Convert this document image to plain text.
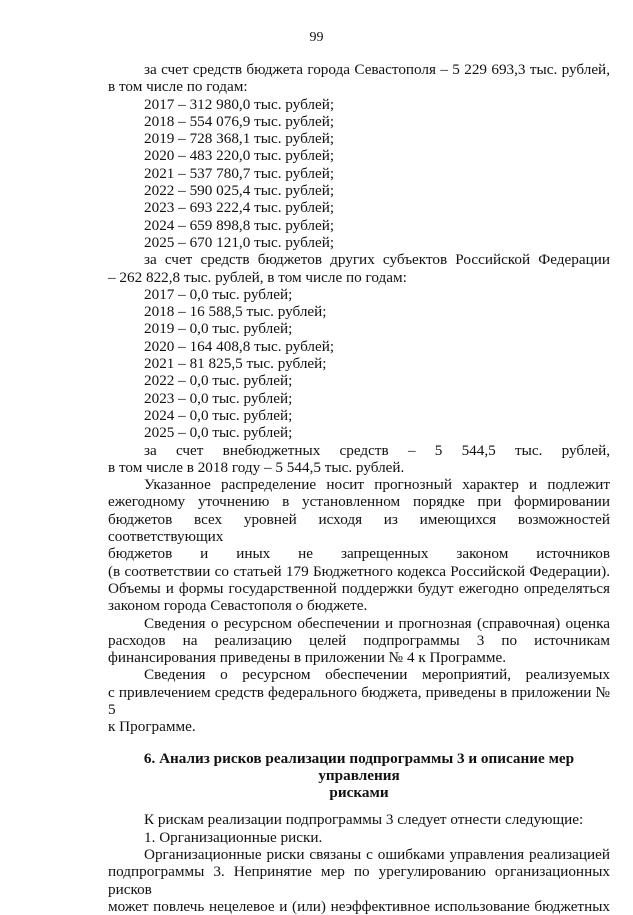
99

за счет средств бюджета города Севастополя – 5 229 693,3 тыс. рублей,

в том числе по годам:

2017 – 312 980,0 тыс. рублей;

2018 – 554 076,9 тыс. рублей;

2019 – 728 368,1 тыс. рублей;

2020 – 483 220,0 тыс. рублей;

2021 – 537 780,7 тыс. рублей;

2022 – 590 025,4 тыс. рублей;

2023 – 693 222,4 тыс. рублей;

2024 – 659 898,8 тыс. рублей;

2025 – 670 121,0 тыс. рублей;

за счет средств бюджетов других субъектов Российской Федерации

– 262 822,8 тыс. рублей, в том числе по годам:

2017 – 0,0 тыс. рублей;

2018 – 16 588,5 тыс. рублей;

2019 – 0,0 тыс. рублей;

2020 – 164 408,8 тыс. рублей;

2021 – 81 825,5 тыс. рублей;

2022 – 0,0 тыс. рублей;

2023 – 0,0 тыс. рублей;

2024 – 0,0 тыс. рублей;

2025 – 0,0 тыс. рублей;

за счет внебюджетных средств – 5 544,5 тыс. рублей,

в том числе в 2018 году – 5 544,5 тыс. рублей.

Указанное распределение носит прогнозный характер и подлежит

ежегодному уточнению в установленном порядке при формировании

бюджетов всех уровней исходя из имеющихся возможностей соответствующих

бюджетов и иных не запрещенных законом источников

(в соответствии со статьей 179 Бюджетного кодекса Российской Федерации).

Объемы и формы государственной поддержки будут ежегодно определяться

законом города Севастополя о бюджете.

Сведения о ресурсном обеспечении и прогнозная (справочная) оценка

расходов на реализацию целей подпрограммы 3 по источникам

финансирования приведены в приложении № 4 к Программе.

Сведения о ресурсном обеспечении мероприятий, реализуемых

с привлечением средств федерального бюджета, приведены в приложении № 5

к Программе.

6. Анализ рисков реализации подпрограммы 3 и описание мер управления

рисками

К рискам реализации подпрограммы 3 следует отнести следующие:

1. Организационные риски.

Организационные риски связаны с ошибками управления реализацией

подпрограммы 3. Непринятие мер по урегулированию организационных рисков

может повлечь нецелевое и (или) неэффективное использование бюджетных
